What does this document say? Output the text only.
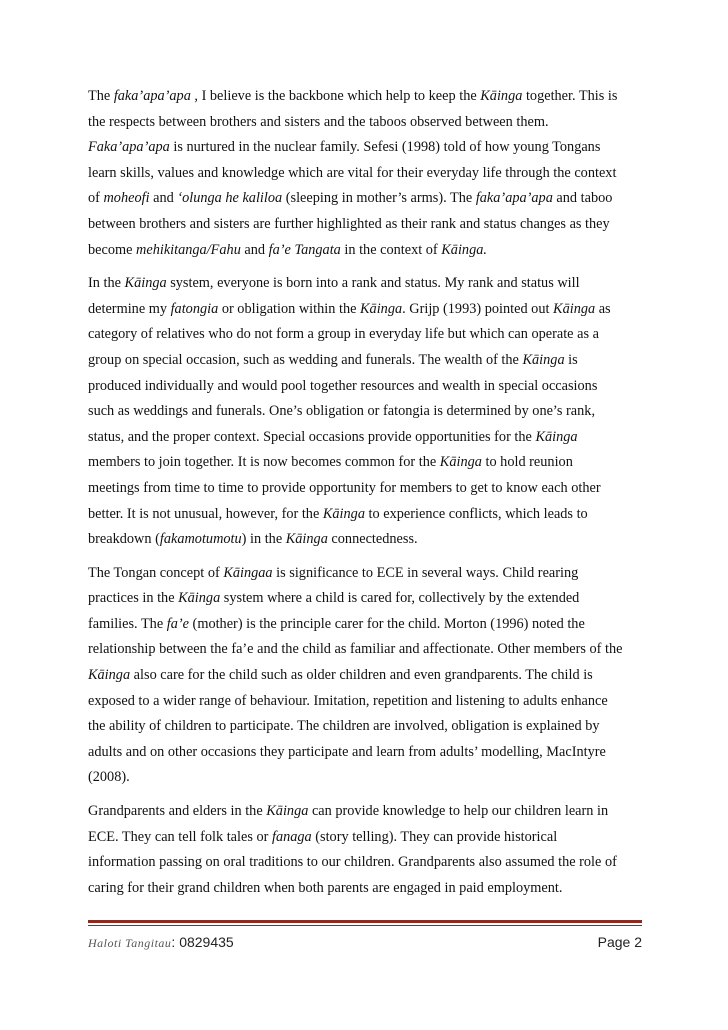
The faka’apa’apa , I believe is the backbone which help to keep the Kāinga together. This is
the respects between brothers and sisters and the taboos observed between them.
Faka’apa’apa is nurtured in the nuclear family. Sefesi (1998) told of how young Tongans
learn skills, values and knowledge which are vital for their everyday life through the context
of moheofi and ‘olunga he kaliloa (sleeping in mother’s arms). The faka’apa’apa and taboo
between brothers and sisters are further highlighted as their rank and status changes as they
become mehikitanga/Fahu and fa’e Tangata in the context of Kāinga.

In the Kāinga system, everyone is born into a rank and status. My rank and status will
determine my fatongia or obligation within the Kāinga. Grijp (1993) pointed out Kāinga as
category of relatives who do not form a group in everyday life but which can operate as a
group on special occasion, such as wedding and funerals. The wealth of the Kāinga is
produced individually and would pool together resources and wealth in special occasions
such as weddings and funerals. One’s obligation or fatongia is determined by one’s rank,
status, and the proper context. Special occasions provide opportunities for the Kāinga
members to join together. It is now becomes common for the Kāinga to hold reunion
meetings from time to time to provide opportunity for members to get to know each other
better. It is not unusual, however, for the Kāinga to experience conflicts, which leads to
breakdown (fakamotumotu) in the Kāinga connectedness.

The Tongan concept of Kāingaa is significance to ECE in several ways. Child rearing
practices in the Kāinga system where a child is cared for, collectively by the extended
families. The fa’e (mother) is the principle carer for the child. Morton (1996) noted the
relationship between the fa’e and the child as familiar and affectionate. Other members of the
Kāinga also care for the child such as older children and even grandparents. The child is
exposed to a wider range of behaviour. Imitation, repetition and listening to adults enhance
the ability of children to participate. The children are involved, obligation is explained by
adults and on other occasions they participate and learn from adults’ modelling, MacIntyre
(2008).

Grandparents and elders in the Kāinga can provide knowledge to help our children learn in
ECE. They can tell folk tales or fanaga (story telling). They can provide historical
information passing on oral traditions to our children. Grandparents also assumed the role of
caring for their grand children when both parents are engaged in paid employment.

Haloti Tangitau: 0829435	Page 2
